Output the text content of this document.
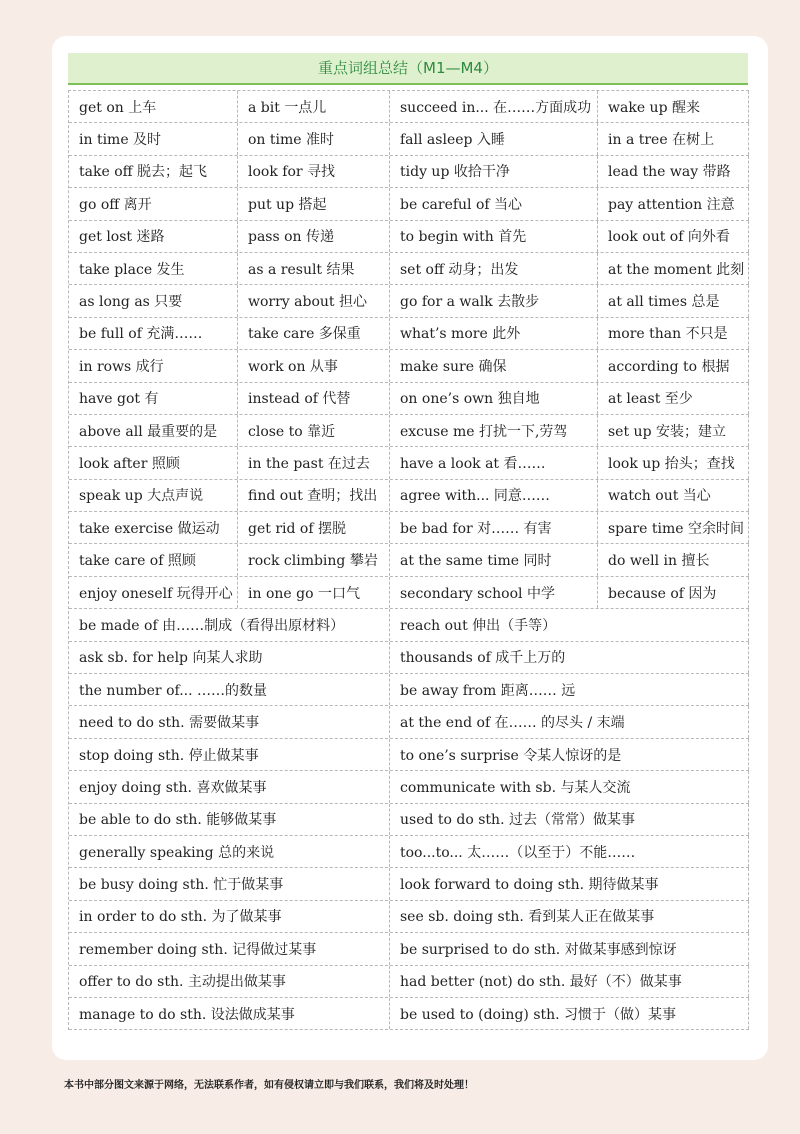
重点词组总结（M1—M4）
get on 上车	a bit 一点儿	succeed in... 在……方面成功	wake up 醒来
in time 及时	on time 准时	fall asleep 入睡	in a tree 在树上
take off 脱去；起飞	look for 寻找	tidy up 收拾干净	lead the way 带路
go off 离开	put up 搭起	be careful of 当心	pay attention 注意
get lost 迷路	pass on 传递	to begin with 首先	look out of 向外看
take place 发生	as a result 结果	set off 动身；出发	at the moment 此刻
as long as 只要	worry about 担心	go for a walk 去散步	at all times 总是
be full of 充满……	take care 多保重	what’s more 此外	more than 不只是
in rows 成行	work on 从事	make sure 确保	according to 根据
have got 有	instead of 代替	on one’s own 独自地	at least 至少
above all 最重要的是	close to 靠近	excuse me 打扰一下,劳驾	set up 安装；建立
look after 照顾	in the past 在过去	have a look at 看……	look up 抬头；查找
speak up 大点声说	find out 查明；找出	agree with... 同意……	watch out 当心
take exercise 做运动	get rid of 摆脱	be bad for 对…… 有害	spare time 空余时间
take care of 照顾	rock climbing 攀岩	at the same time 同时	do well in 擅长
enjoy oneself 玩得开心	in one go 一口气	secondary school 中学	because of 因为
be made of 由……制成（看得出原材料）	reach out 伸出（手等）
ask sb. for help 向某人求助	thousands of 成千上万的
the number of... ……的数量	be away from 距离…… 远
need to do sth. 需要做某事	at the end of 在…… 的尽头 / 末端
stop doing sth. 停止做某事	to one’s surprise 令某人惊讶的是
enjoy doing sth. 喜欢做某事	communicate with sb. 与某人交流
be able to do sth. 能够做某事	used to do sth. 过去（常常）做某事
generally speaking 总的来说	too...to... 太……（以至于）不能……
be busy doing sth. 忙于做某事	look forward to doing sth. 期待做某事
in order to do sth. 为了做某事	see sb. doing sth. 看到某人正在做某事
remember doing sth. 记得做过某事	be surprised to do sth. 对做某事感到惊讶
offer to do sth. 主动提出做某事	had better (not) do sth. 最好（不）做某事
manage to do sth. 设法做成某事	be used to (doing) sth. 习惯于（做）某事
本书中部分图文来源于网络，无法联系作者，如有侵权请立即与我们联系，我们将及时处理！
